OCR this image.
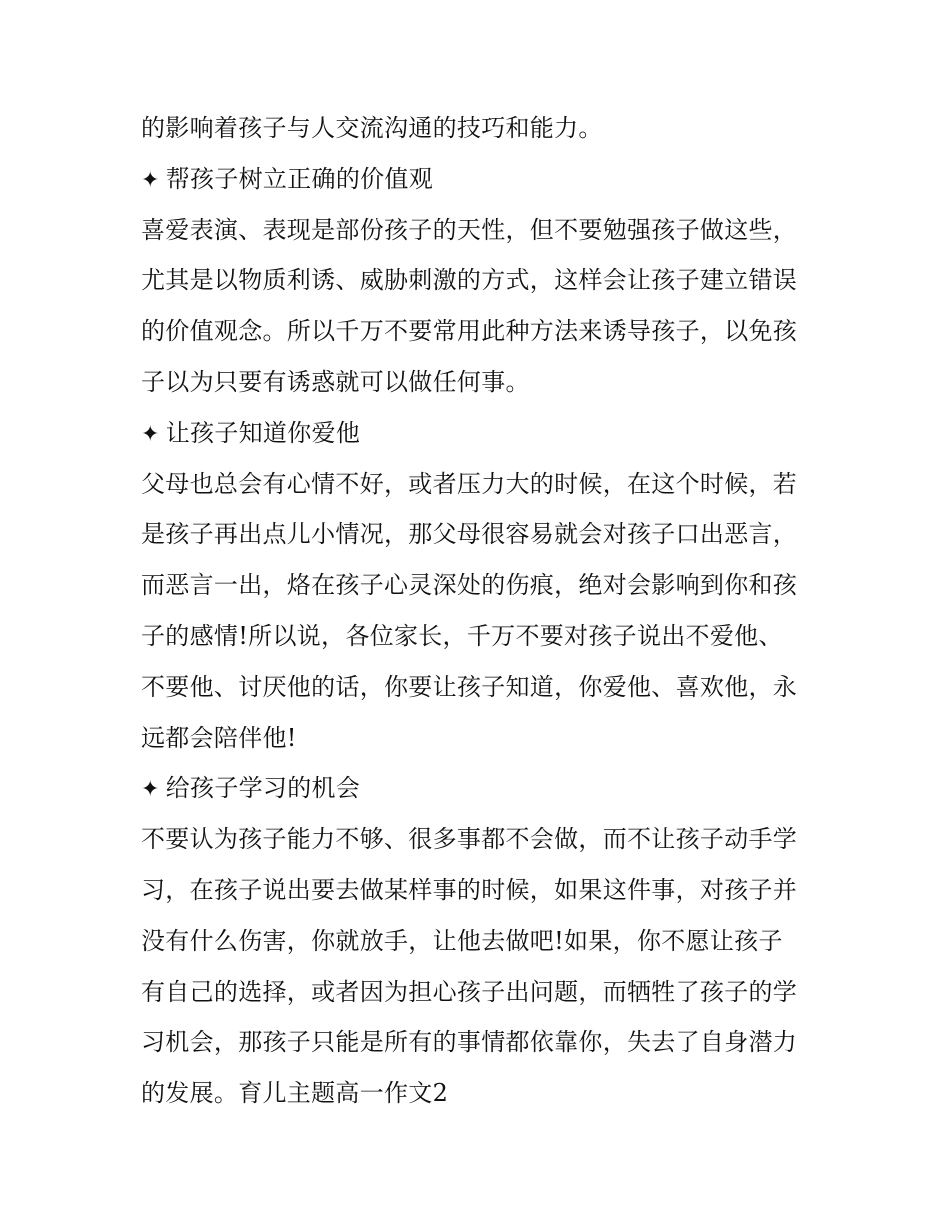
的影响着孩子与人交流沟通的技巧和能力。
✦ 帮孩子树立正确的价值观
喜爱表演、表现是部份孩子的天性，但不要勉强孩子做这些，
尤其是以物质利诱、威胁刺激的方式，这样会让孩子建立错误
的价值观念。所以千万不要常用此种方法来诱导孩子，以免孩
子以为只要有诱惑就可以做任何事。
✦ 让孩子知道你爱他
父母也总会有心情不好，或者压力大的时候，在这个时候，若
是孩子再出点儿小情况，那父母很容易就会对孩子口出恶言，
而恶言一出，烙在孩子心灵深处的伤痕，绝对会影响到你和孩
子的感情!所以说，各位家长，千万不要对孩子说出不爱他、
不要他、讨厌他的话，你要让孩子知道，你爱他、喜欢他，永
远都会陪伴他!
✦ 给孩子学习的机会
不要认为孩子能力不够、很多事都不会做，而不让孩子动手学
习，在孩子说出要去做某样事的时候，如果这件事，对孩子并
没有什么伤害，你就放手，让他去做吧!如果，你不愿让孩子
有自己的选择，或者因为担心孩子出问题，而牺牲了孩子的学
习机会，那孩子只能是所有的事情都依靠你，失去了自身潜力
的发展。育儿主题高一作文2
